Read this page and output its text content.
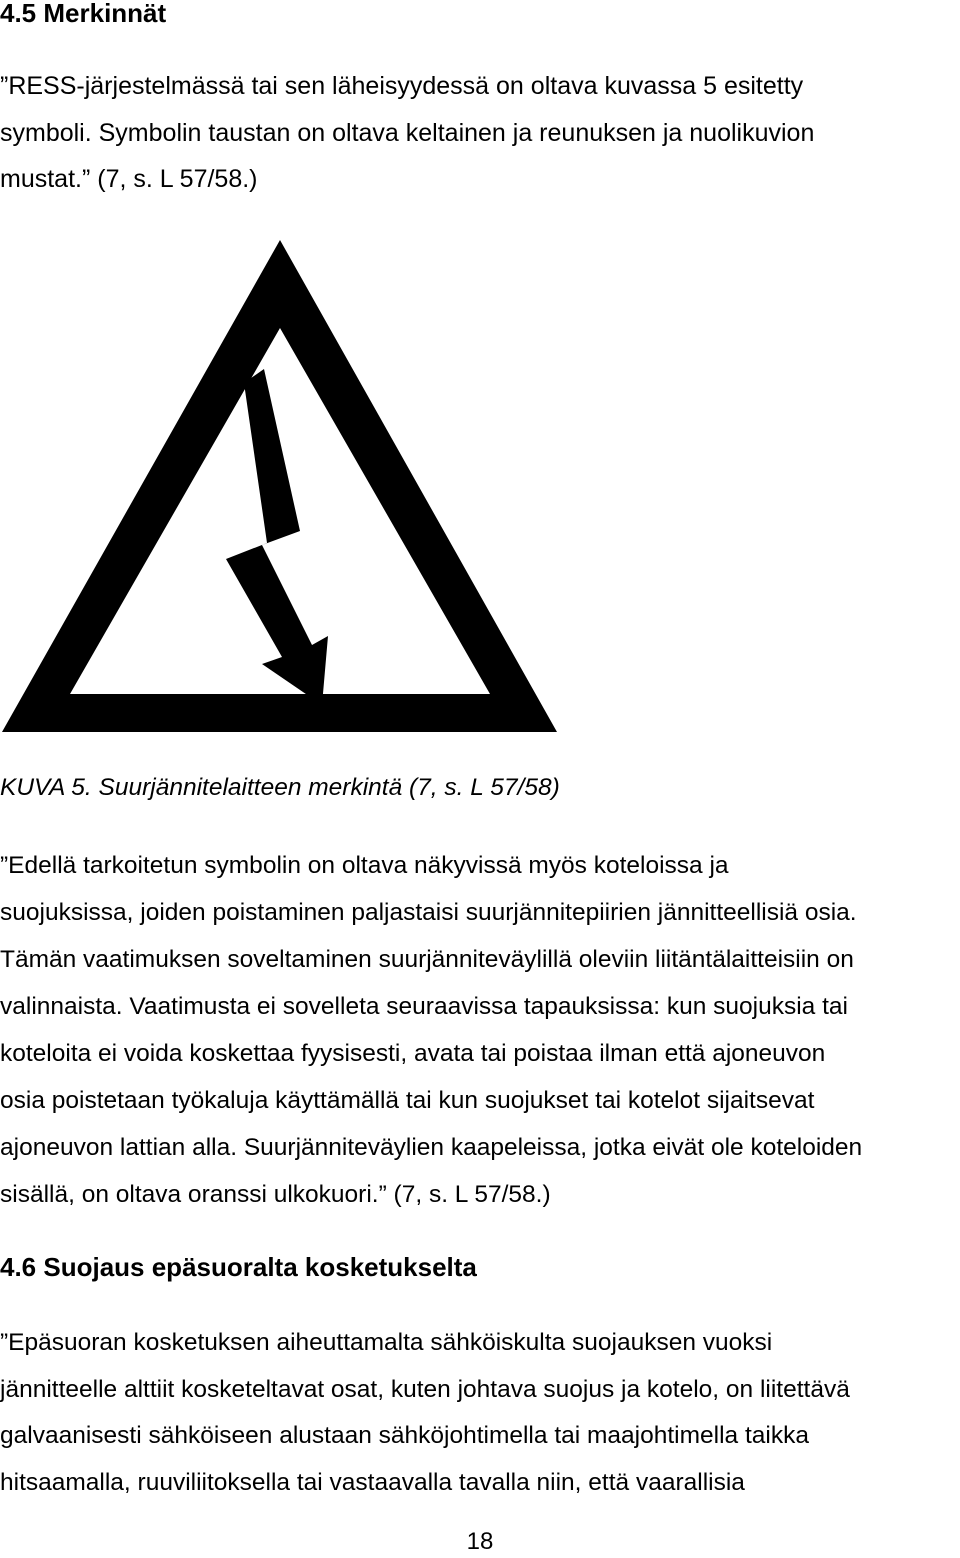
4.5 Merkinnät
”RESS-järjestelmässä tai sen läheisyydessä on oltava kuvassa 5 esitetty
symboli. Symbolin taustan on oltava keltainen ja reunuksen ja nuolikuvion
mustat.” (7, s. L 57/58.)

KUVA 5. Suurjännitelaitteen merkintä (7, s. L 57/58)

”Edellä tarkoitetun symbolin on oltava näkyvissä myös koteloissa ja
suojuksissa, joiden poistaminen paljastaisi suurjännitepiirien jännitteellisiä osia.
Tämän vaatimuksen soveltaminen suurjänniteväylillä oleviin liitäntälaitteisiin on
valinnaista. Vaatimusta ei sovelleta seuraavissa tapauksissa: kun suojuksia tai
koteloita ei voida koskettaa fyysisesti, avata tai poistaa ilman että ajoneuvon
osia poistetaan työkaluja käyttämällä tai kun suojukset tai kotelot sijaitsevat
ajoneuvon lattian alla. Suurjänniteväylien kaapeleissa, jotka eivät ole koteloiden
sisällä, on oltava oranssi ulkokuori.” (7, s. L 57/58.)
4.6 Suojaus epäsuoralta kosketukselta
”Epäsuoran kosketuksen aiheuttamalta sähköiskulta suojauksen vuoksi
jännitteelle alttiit kosketeltavat osat, kuten johtava suojus ja kotelo, on liitettävä
galvaanisesti sähköiseen alustaan sähköjohtimella tai maajohtimella taikka
hitsaamalla, ruuviliitoksella tai vastaavalla tavalla niin, että vaarallisia

18
